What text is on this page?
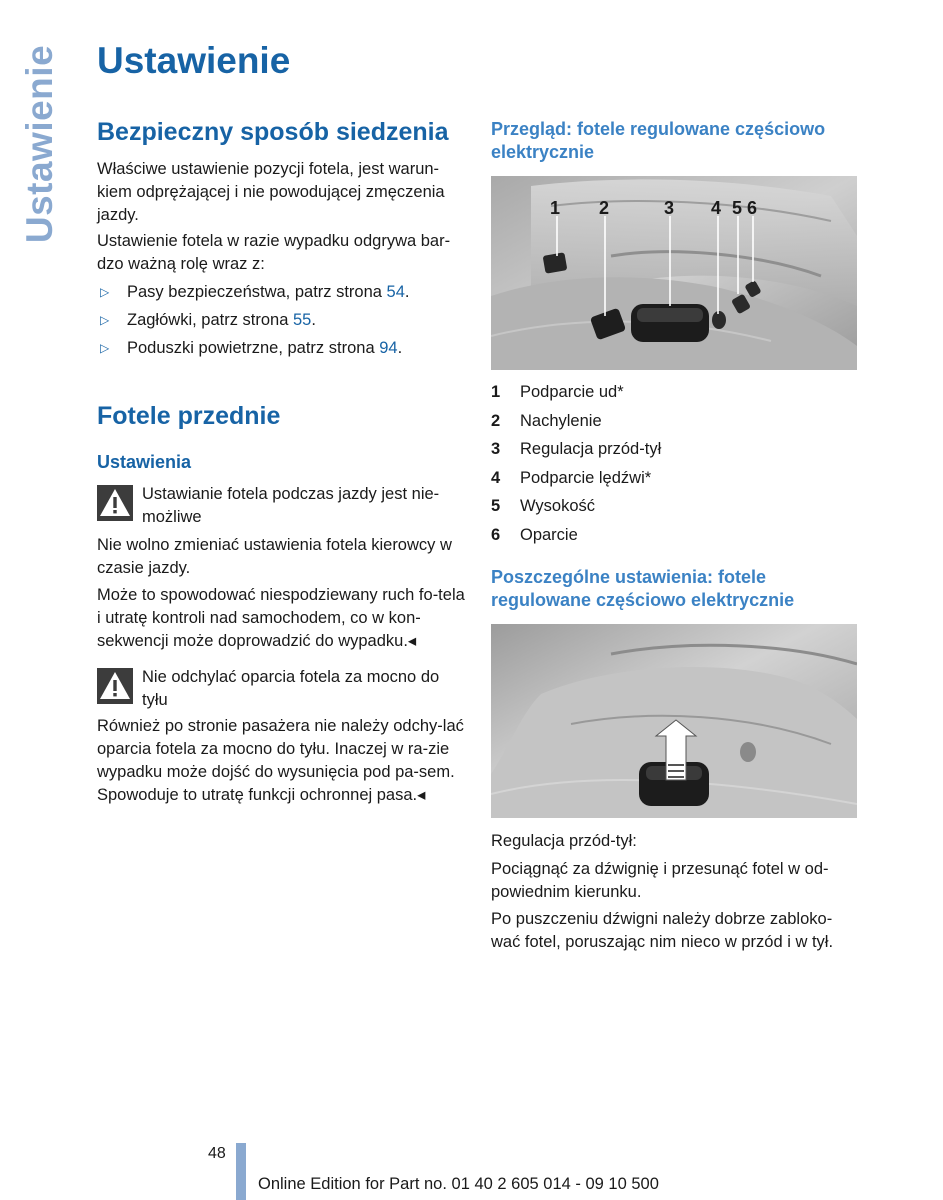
Ustawienie Ustawienie
Bezpieczny sposób siedzenia

Właściwe ustawienie pozycji fotela, jest warun-kiem odprężającej i nie powodującej zmęczenia jazdy.

Ustawienie fotela w razie wypadku odgrywa bar-dzo ważną rolę wraz z:

▷ Pasy bezpieczeństwa, patrz strona 54.
▷ Zagłówki, patrz strona 55.
▷ Poduszki powietrzne, patrz strona 94.
Fotele przednie
Ustawienia
Ustawianie fotela podczas jazdy jest nie-możliwe

Nie wolno zmieniać ustawienia fotela kierowcy w czasie jazdy.

Może to spowodować niespodziewany ruch fo-tela i utratę kontroli nad samochodem, co w kon-sekwencji może doprowadzić do wypadku.◂

Nie odchylać oparcia fotela za mocno do tyłu

Również po stronie pasażera nie należy odchy-lać oparcia fotela za mocno do tyłu. Inaczej w ra-zie wypadku może dojść do wysunięcia pod pa-sem. Spowoduje to utratę funkcji ochronnej pasa.◂

Przegląd: fotele regulowane częściowo elektrycznie
1 2	3 4 5 6
1	Podparcie ud*
2	Nachylenie
3	Regulacja przód-tył
4	Podparcie lędźwi*
5	Wysokość
6	Oparcie
Poszczególne ustawienia: fotele regulowane częściowo elektrycznie

Regulacja przód-tył:

Pociągnąć za dźwignię i przesunąć fotel w od-powiednim kierunku.

Po puszczeniu dźwigni należy dobrze zabloko-wać fotel, poruszając nim nieco w przód i w tył.

48
Online Edition for Part no. 01 40 2 605 014 - 09 10 500
